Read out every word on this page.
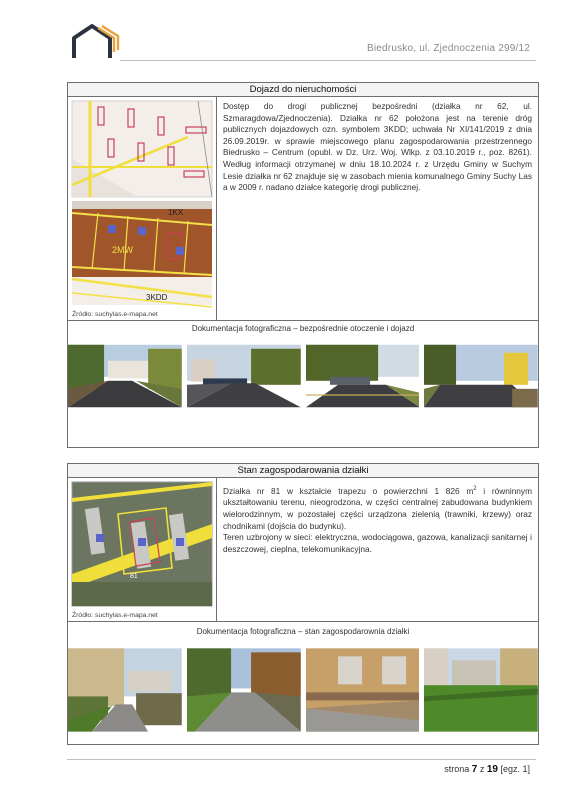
Biedrusko, ul. Zjednoczenia 299/12
Dojazd do nieruchomości
1KX
2MW
3KDD
Źródło: suchylas.e-mapa.net
Dostęp do drogi publicznej bezpośredni (działka nr 62, ul. Szmaragdowa/Zjednoczenia). Działka nr 62 położona jest na terenie dróg publicznych dojazdowych ozn. symbolem 3KDD; uchwała Nr XI/141/2019 z dnia 26.09.2019r. w sprawie miejscowego planu zagospodarowania przestrzennego Biedrusko – Centrum (opubl. w Dz. Urz. Woj. Wlkp. z 03.10.2019 r., poz. 8261). Według informacji otrzymanej w dniu 18.10.2024 r. z Urzędu Gminy w Suchym Lesie działka nr 62 znajduje się w zasobach mienia komunalnego Gminy Suchy Las a w 2009 r. nadano działce kategorię drogi publicznej.
Dokumentacja fotograficzna – bezpośrednie otoczenie i dojazd
Stan zagospodarowania działki
81
Źródło: suchylas.e-mapa.net
Działka nr 81 w kształcie trapezu o powierzchni 1 826 $m^2$ i równinnym ukształtowaniu terenu, nieogrodzona, w części centralnej zabudowana budynkiem wielorodzinnym, w pozostałej części urządzona zielenią (trawniki, krzewy) oraz chodnikami (dojścia do budynku).
Teren uzbrojony w sieci: elektryczna, wodociągowa, gazowa, kanalizacji sanitarnej i deszczowej, cieplna, telekomunikacyjna.
Dokumentacja fotograficzna – stan zagospodarownia działki
strona 7 z 19 [egz. 1]
